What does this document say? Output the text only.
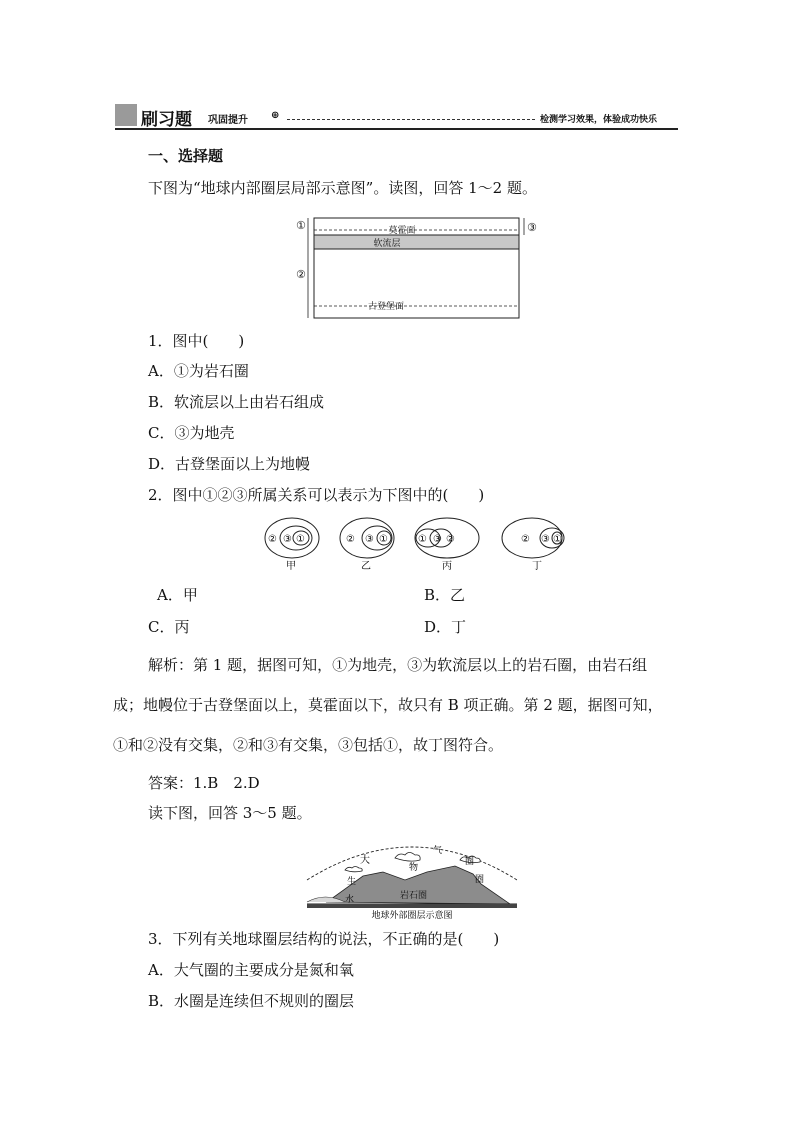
刷习题 巩固提升 ⊕	检测学习效果，体验成功快乐
一、选择题
下图为“地球内部圈层局部示意图”。读图，回答 1～2 题。
①
②
③
莫霍面
软流层
古登堡面
1．图中(　　)
A．①为岩石圈
B．软流层以上由岩石组成
C．③为地壳
D．古登堡面以上为地幔
2．图中①②③所属关系可以表示为下图中的(　　)
② ③ ①
甲
② ③ ①
乙
① ③ ②
丙
② ③ ①
丁
A．甲	B．乙
C．丙	D．丁
解析：第 1 题，据图可知，①为地壳，③为软流层以上的岩石圈，由岩石组
成；地幔位于古登堡面以上，莫霍面以下，故只有 B 项正确。第 2 题，据图可知，
①和②没有交集，②和③有交集，③包括①，故丁图符合。
答案：1.B　2.D
读下图，回答 3～5 题。
大
气
物
圈
圈
生
水	岩石圈
地球外部圈层示意图
3．下列有关地球圈层结构的说法，不正确的是(　　)
A．大气圈的主要成分是氮和氧
B．水圈是连续但不规则的圈层
